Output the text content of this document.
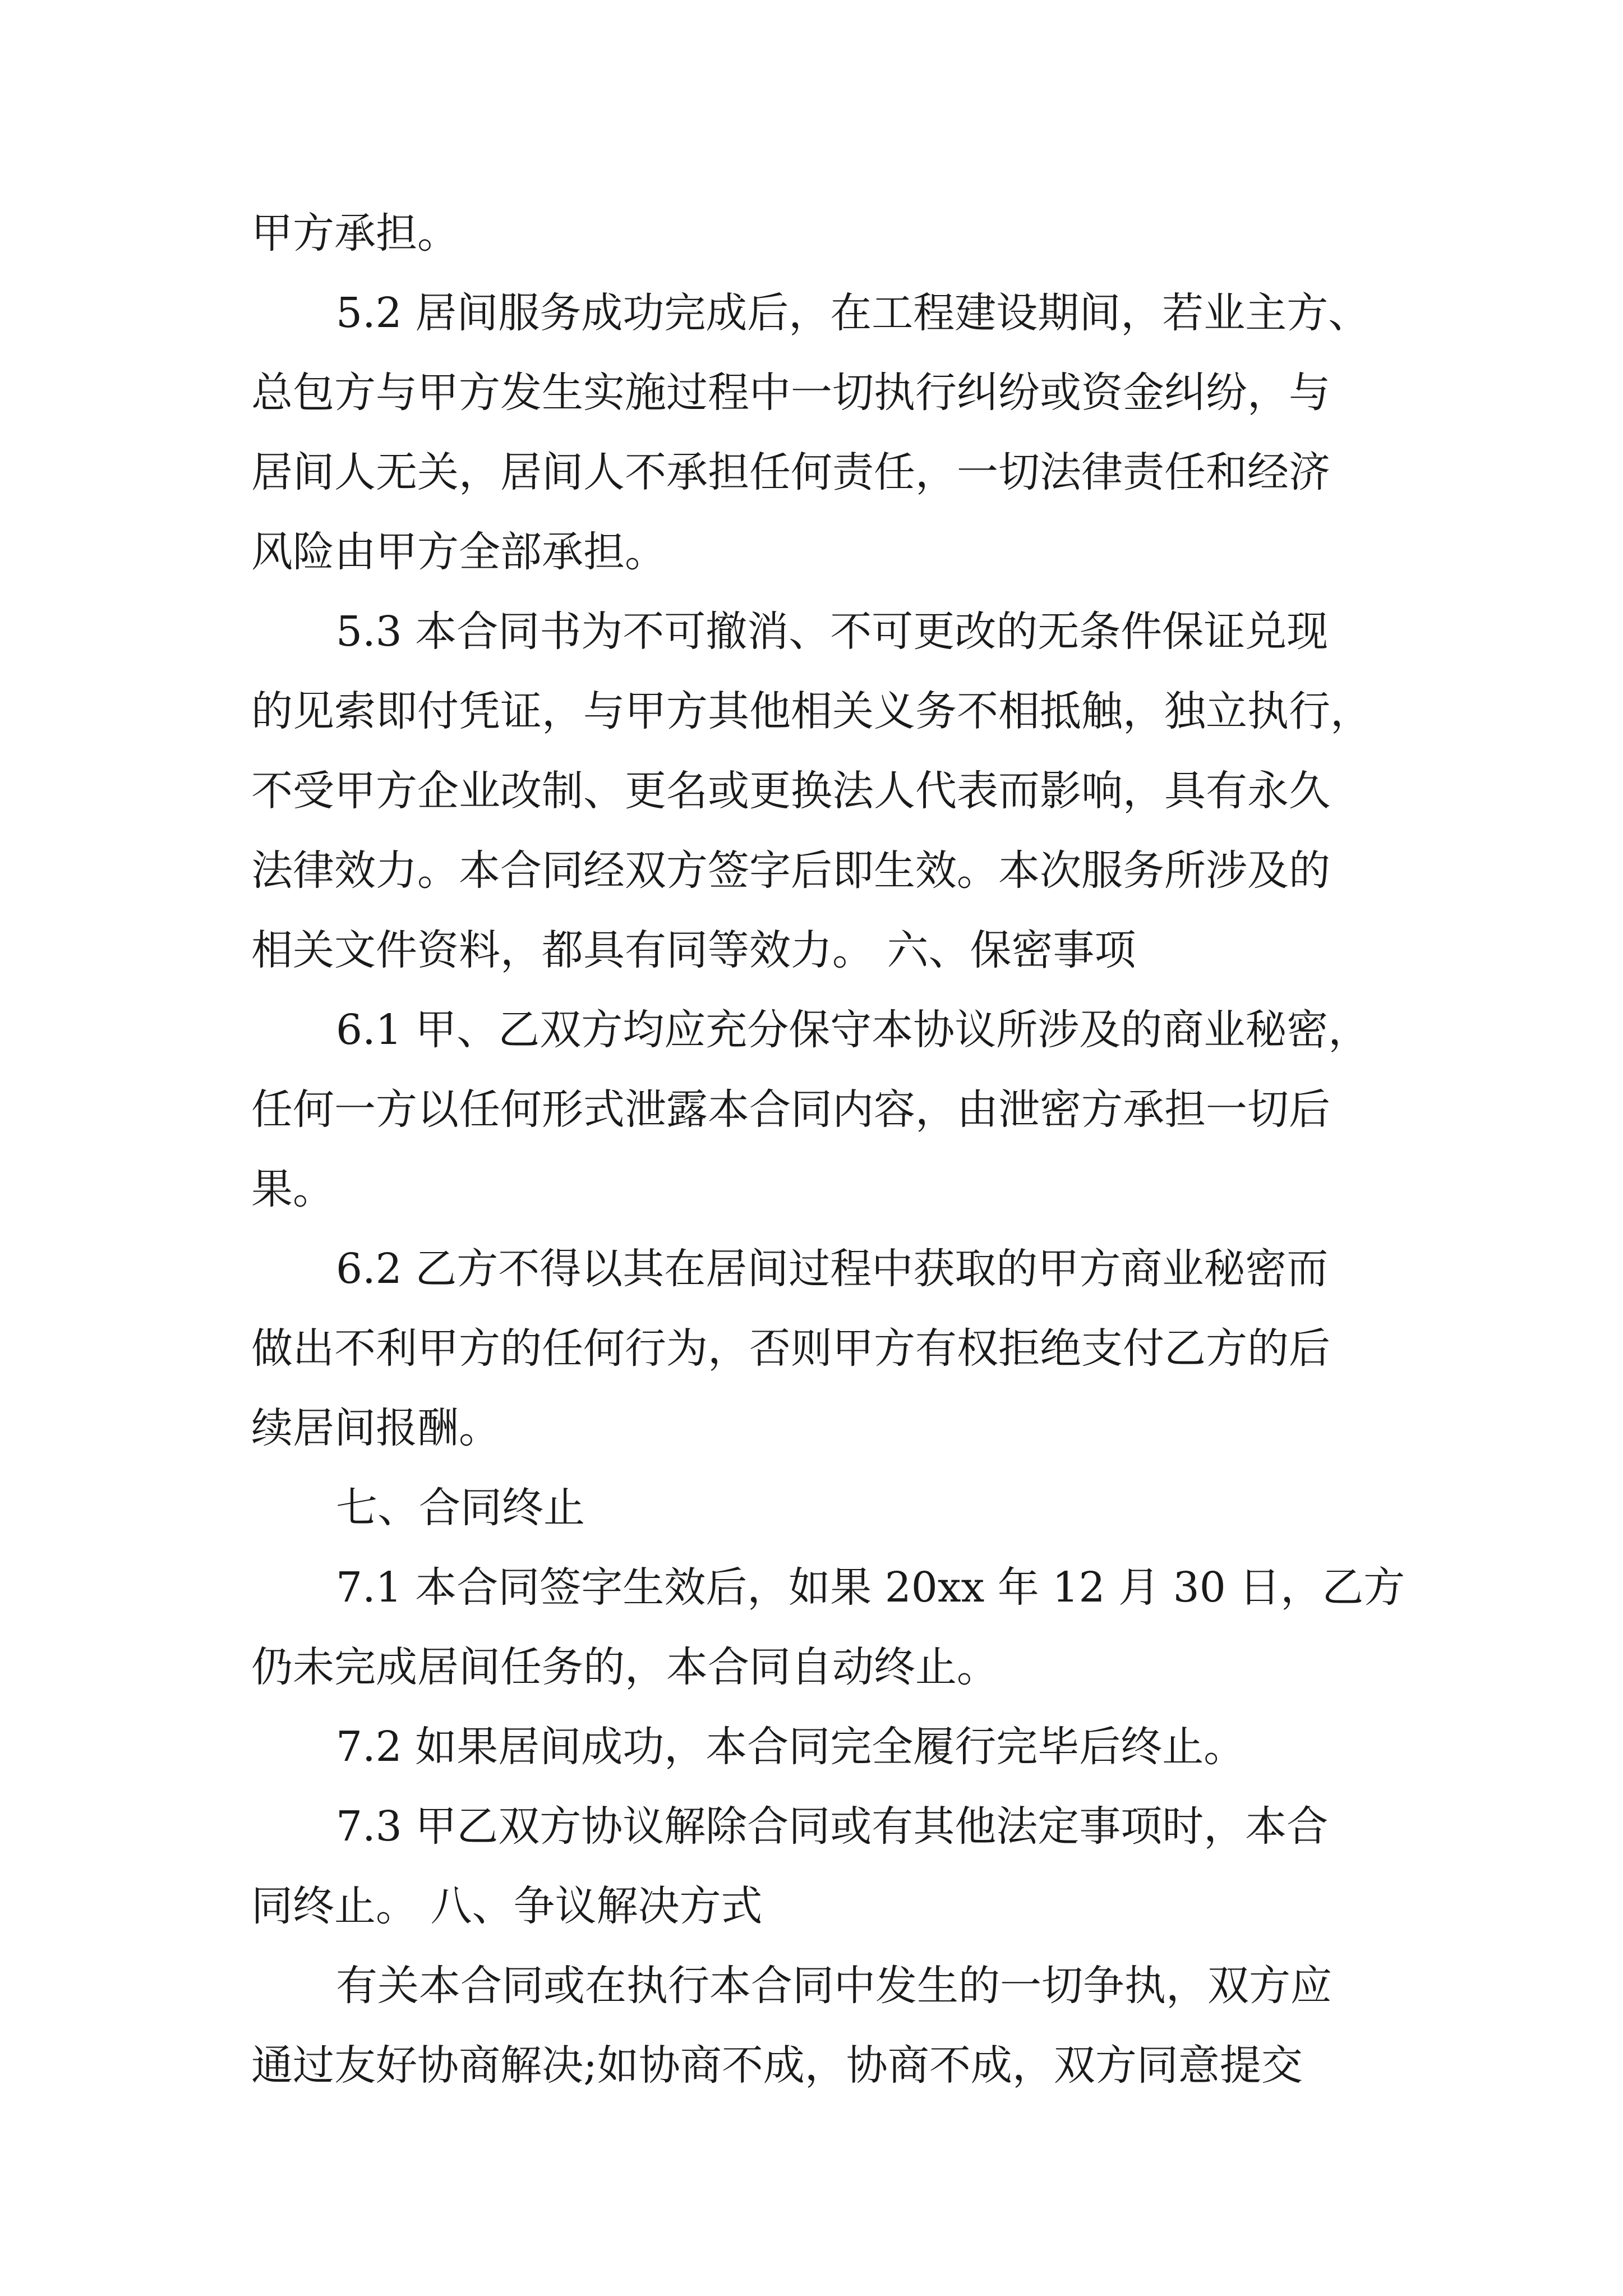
甲方承担。
5.2 居间服务成功完成后，在工程建设期间，若业主方、
总包方与甲方发生实施过程中一切执行纠纷或资金纠纷，与
居间人无关，居间人不承担任何责任，一切法律责任和经济
风险由甲方全部承担。
5.3 本合同书为不可撤消、不可更改的无条件保证兑现
的见索即付凭证，与甲方其他相关义务不相抵触，独立执行，
不受甲方企业改制、更名或更换法人代表而影响，具有永久
法律效力。本合同经双方签字后即生效。本次服务所涉及的
相关文件资料，都具有同等效力。 六、保密事项
6.1 甲、乙双方均应充分保守本协议所涉及的商业秘密，
任何一方以任何形式泄露本合同内容，由泄密方承担一切后
果。
6.2 乙方不得以其在居间过程中获取的甲方商业秘密而
做出不利甲方的任何行为，否则甲方有权拒绝支付乙方的后
续居间报酬。
七、合同终止
7.1 本合同签字生效后，如果 20xx 年 12 月 30 日，乙方
仍未完成居间任务的，本合同自动终止。
7.2 如果居间成功，本合同完全履行完毕后终止。
7.3 甲乙双方协议解除合同或有其他法定事项时，本合
同终止。 八、争议解决方式
有关本合同或在执行本合同中发生的一切争执，双方应
通过友好协商解决;如协商不成，协商不成，双方同意提交
